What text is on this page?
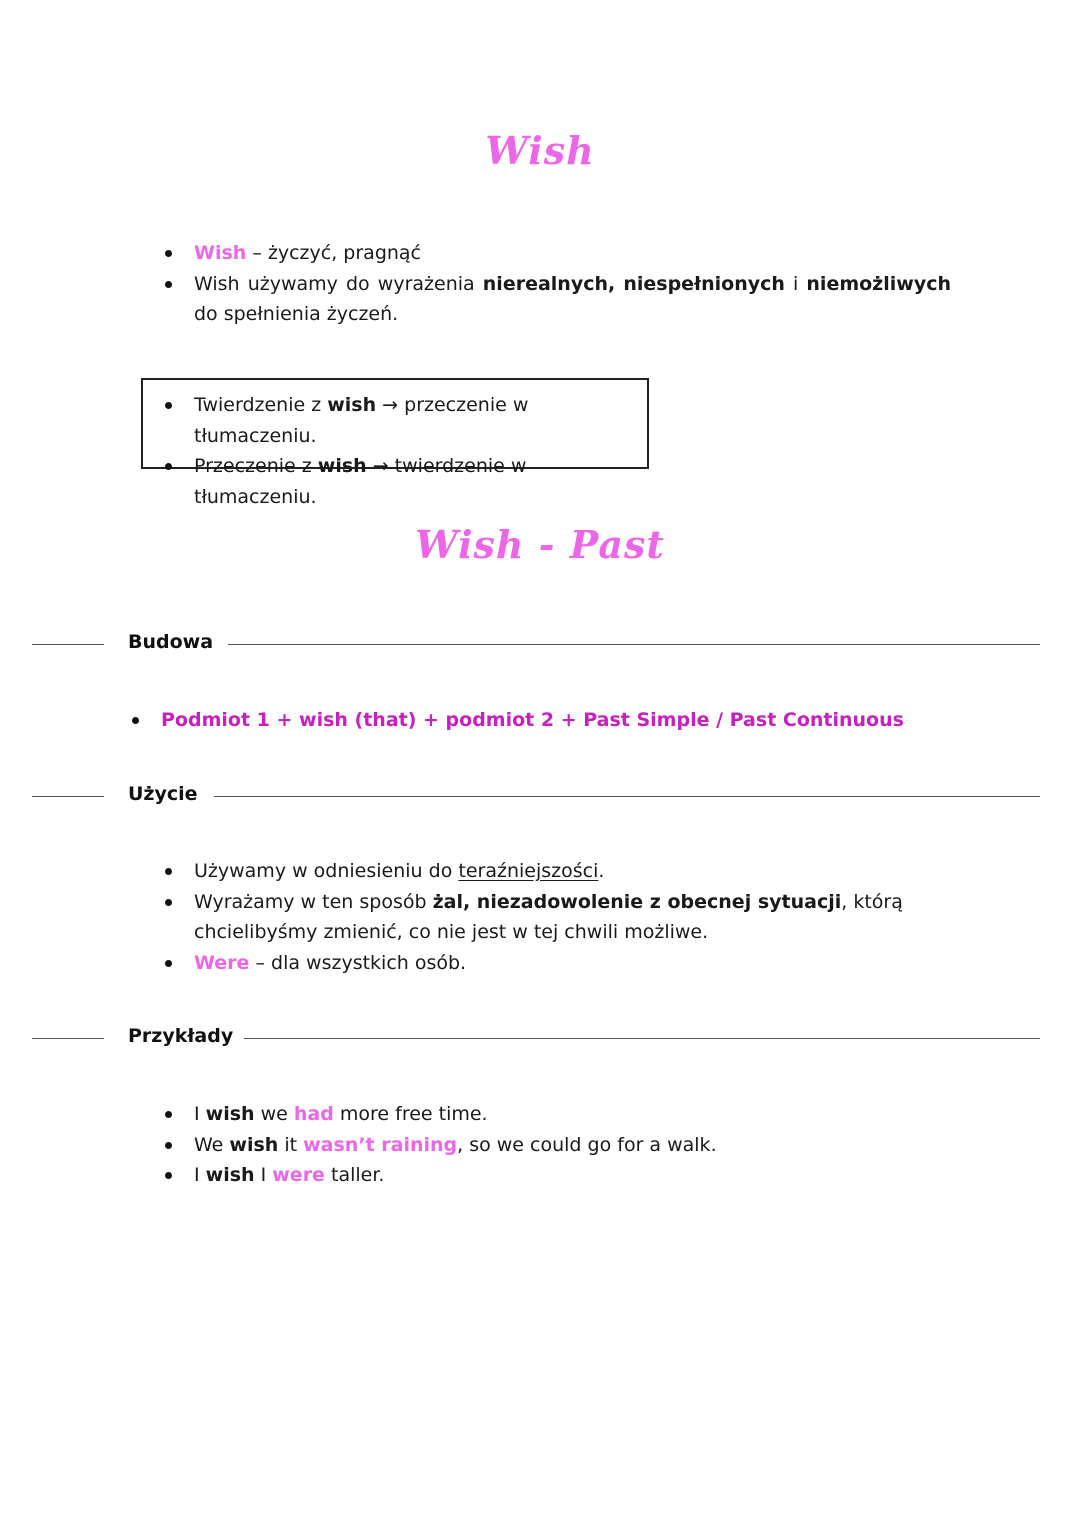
Wish
Wish – życzyć, pragnąć
Wish używamy do wyrażenia nierealnych, niespełnionych i niemożliwych do spełnienia życzeń.
Twierdzenie z wish → przeczenie w tłumaczeniu.
Przeczenie z wish → twierdzenie w tłumaczeniu.
Wish - Past
Budowa
Podmiot 1 + wish (that) + podmiot 2 + Past Simple / Past Continuous
Użycie
Używamy w odniesieniu do teraźniejszości.
Wyrażamy w ten sposób żal, niezadowolenie z obecnej sytuacji, którą chcielibyśmy zmienić, co nie jest w tej chwili możliwe.
Were – dla wszystkich osób.
Przykłady
I wish we had more free time.
We wish it wasn’t raining, so we could go for a walk.
I wish I were taller.
